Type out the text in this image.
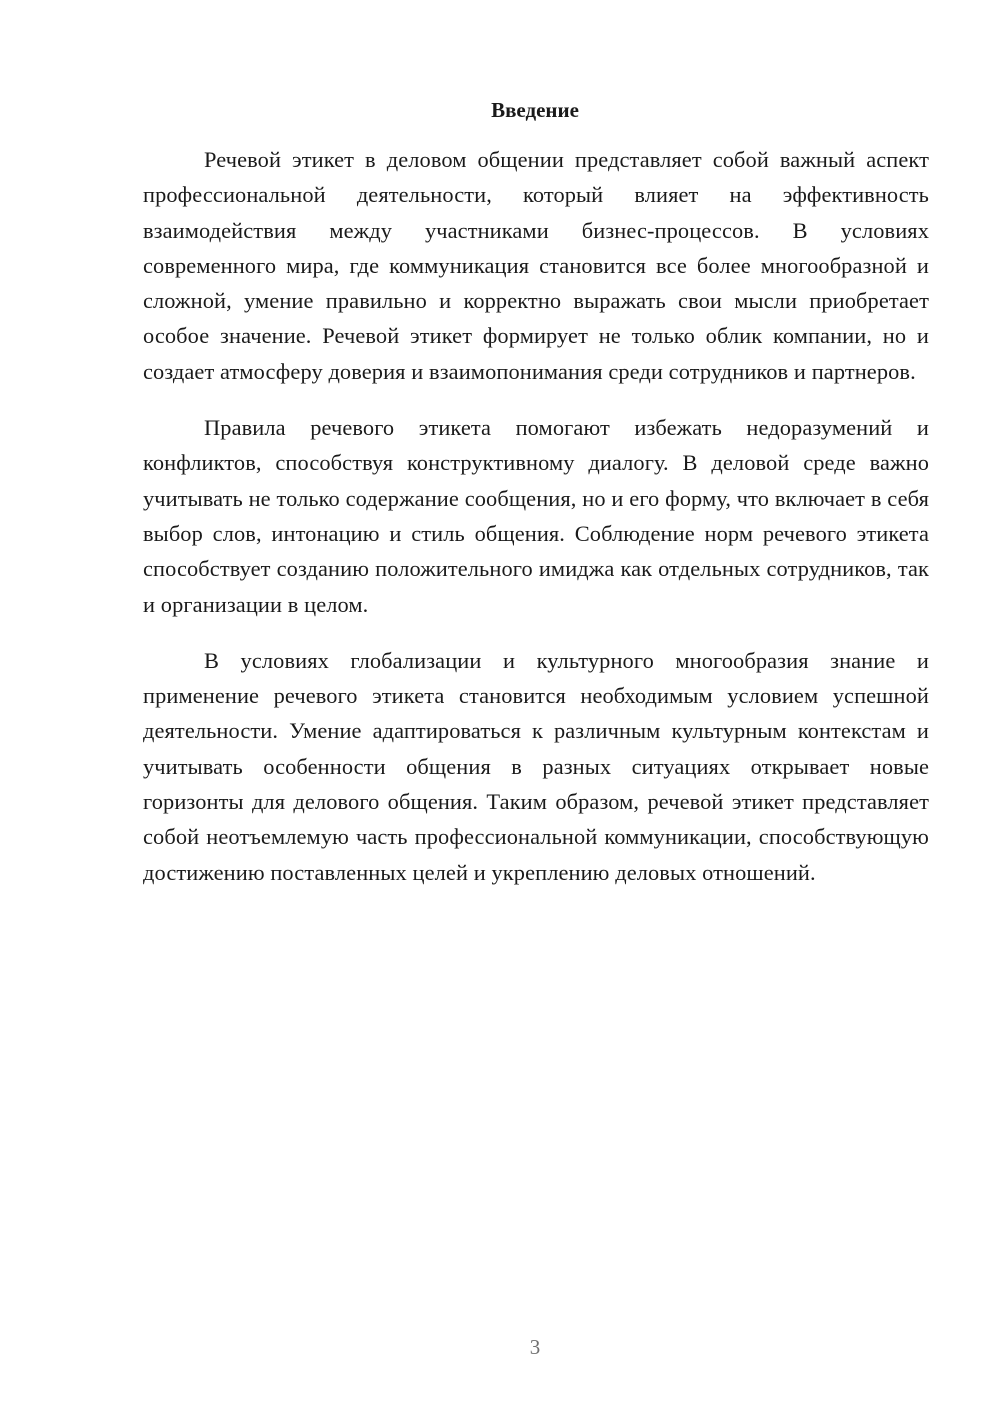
Введение

Речевой этикет в деловом общении представляет собой важный аспект профессиональной деятельности, который влияет на эффективность взаимодействия между участниками бизнес-процессов. В условиях современного мира, где коммуникация становится все более многообразной и сложной, умение правильно и корректно выражать свои мысли приобретает особое значение. Речевой этикет формирует не только облик компании, но и создает атмосферу доверия и взаимопонимания среди сотрудников и партнеров.

Правила речевого этикета помогают избежать недоразумений и конфликтов, способствуя конструктивному диалогу. В деловой среде важно учитывать не только содержание сообщения, но и его форму, что включает в себя выбор слов, интонацию и стиль общения. Соблюдение норм речевого этикета способствует созданию положительного имиджа как отдельных сотрудников, так и организации в целом.

В условиях глобализации и культурного многообразия знание и применение речевого этикета становится необходимым условием успешной деятельности. Умение адаптироваться к различным культурным контекстам и учитывать особенности общения в разных ситуациях открывает новые горизонты для делового общения. Таким образом, речевой этикет представляет собой неотъемлемую часть профессиональной коммуникации, способствующую достижению поставленных целей и укреплению деловых отношений.

3
